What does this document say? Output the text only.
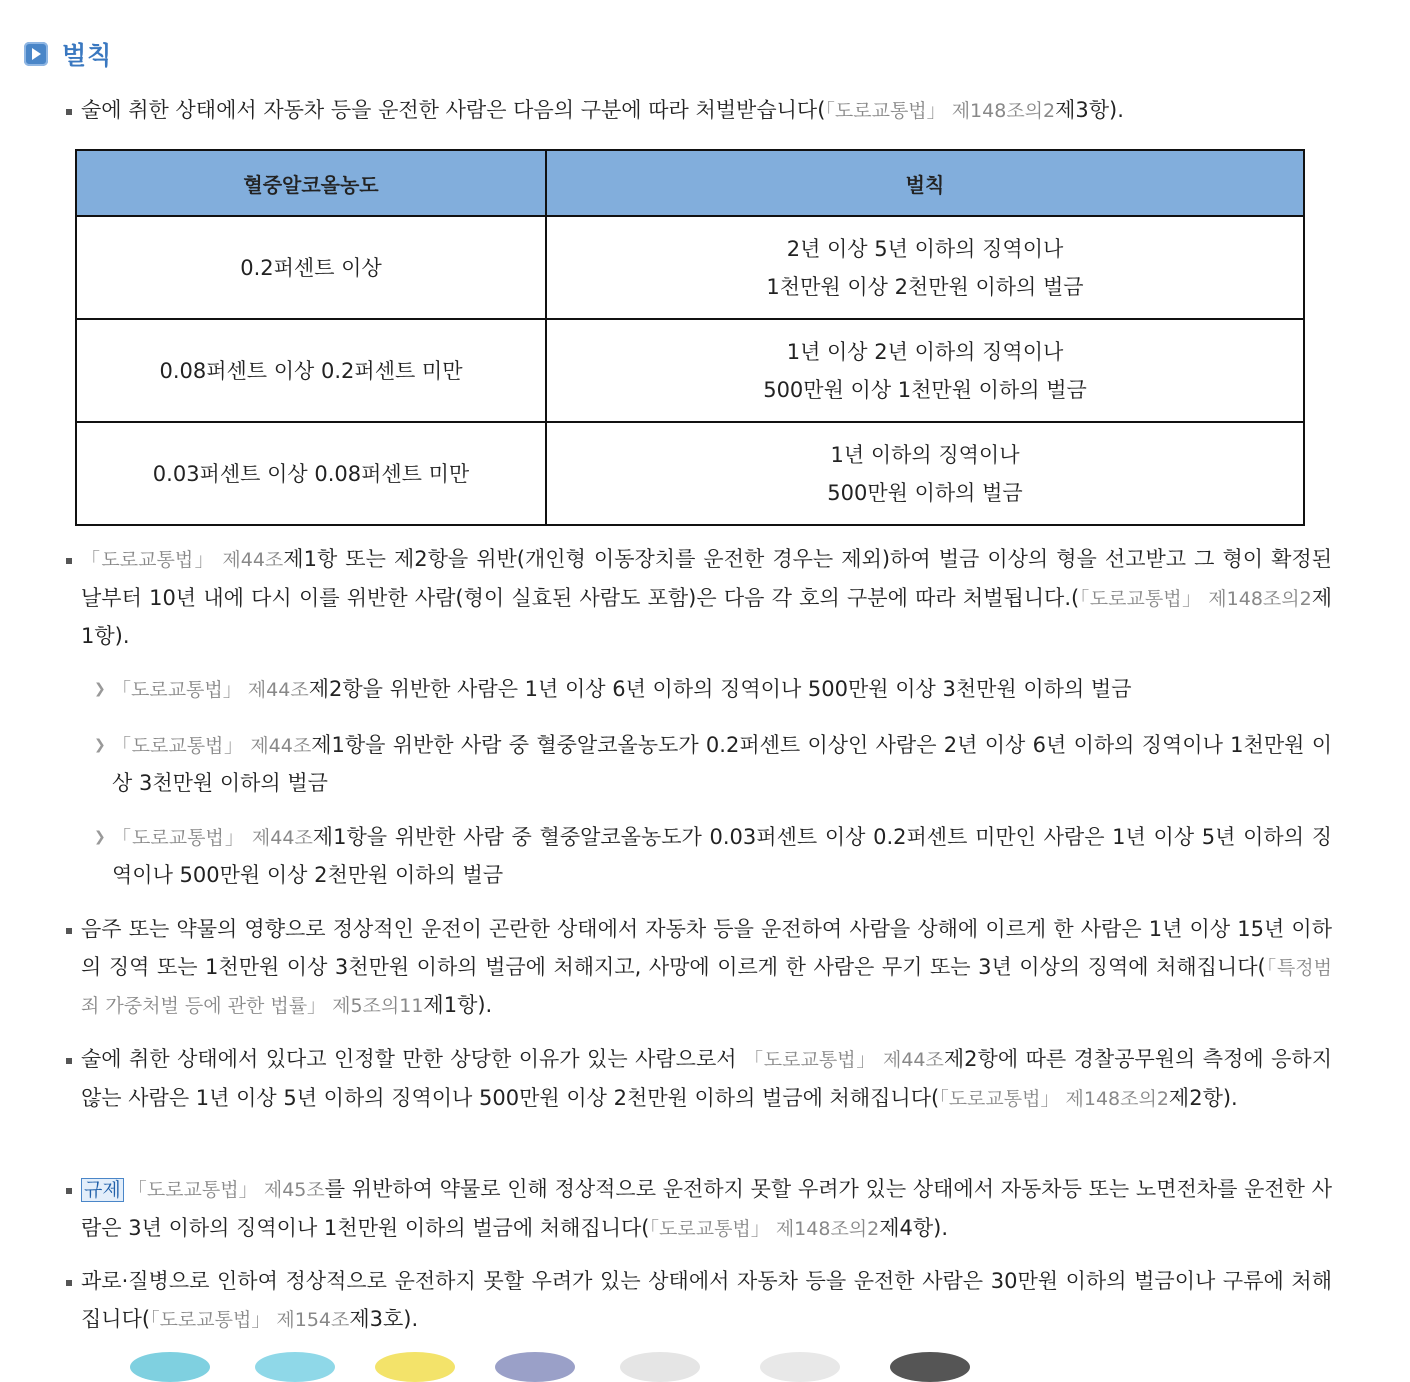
벌칙
술에 취한 상태에서 자동차 등을 운전한 사람은 다음의 구분에 따라 처벌받습니다(「도로교통법」 제148조의2제3항).
혈중알코올농도	벌칙
0.2퍼센트 이상	2년 이상 5년 이하의 징역이나
1천만원 이상 2천만원 이하의 벌금
0.08퍼센트 이상 0.2퍼센트 미만	1년 이상 2년 이하의 징역이나
500만원 이상 1천만원 이하의 벌금
0.03퍼센트 이상 0.08퍼센트 미만	1년 이하의 징역이나
500만원 이하의 벌금
「도로교통법」 제44조제1항 또는 제2항을 위반(개인형 이동장치를 운전한 경우는 제외)하여 벌금 이상의 형을 선고받고 그 형이 확정된 날부터 10년 내에 다시 이를 위반한 사람(형이 실효된 사람도 포함)은 다음 각 호의 구분에 따라 처벌됩니다.(「도로교통법」 제148조의2제1항).
❯ 「도로교통법」 제44조제2항을 위반한 사람은 1년 이상 6년 이하의 징역이나 500만원 이상 3천만원 이하의 벌금
❯ 「도로교통법」 제44조제1항을 위반한 사람 중 혈중알코올농도가 0.2퍼센트 이상인 사람은 2년 이상 6년 이하의 징역이나 1천만원 이상 3천만원 이하의 벌금
❯ 「도로교통법」 제44조제1항을 위반한 사람 중 혈중알코올농도가 0.03퍼센트 이상 0.2퍼센트 미만인 사람은 1년 이상 5년 이하의 징역이나 500만원 이상 2천만원 이하의 벌금
음주 또는 약물의 영향으로 정상적인 운전이 곤란한 상태에서 자동차 등을 운전하여 사람을 상해에 이르게 한 사람은 1년 이상 15년 이하의 징역 또는 1천만원 이상 3천만원 이하의 벌금에 처해지고, 사망에 이르게 한 사람은 무기 또는 3년 이상의 징역에 처해집니다(「특정범죄 가중처벌 등에 관한 법률」 제5조의11제1항).
술에 취한 상태에서 있다고 인정할 만한 상당한 이유가 있는 사람으로서 「도로교통법」 제44조제2항에 따른 경찰공무원의 측정에 응하지 않는 사람은 1년 이상 5년 이하의 징역이나 500만원 이상 2천만원 이하의 벌금에 처해집니다(「도로교통법」 제148조의2제2항).
규제 「도로교통법」 제45조를 위반하여 약물로 인해 정상적으로 운전하지 못할 우려가 있는 상태에서 자동차등 또는 노면전차를 운전한 사람은 3년 이하의 징역이나 1천만원 이하의 벌금에 처해집니다(「도로교통법」 제148조의2제4항).
과로·질병으로 인하여 정상적으로 운전하지 못할 우려가 있는 상태에서 자동차 등을 운전한 사람은 30만원 이하의 벌금이나 구류에 처해집니다(「도로교통법」 제154조제3호).
